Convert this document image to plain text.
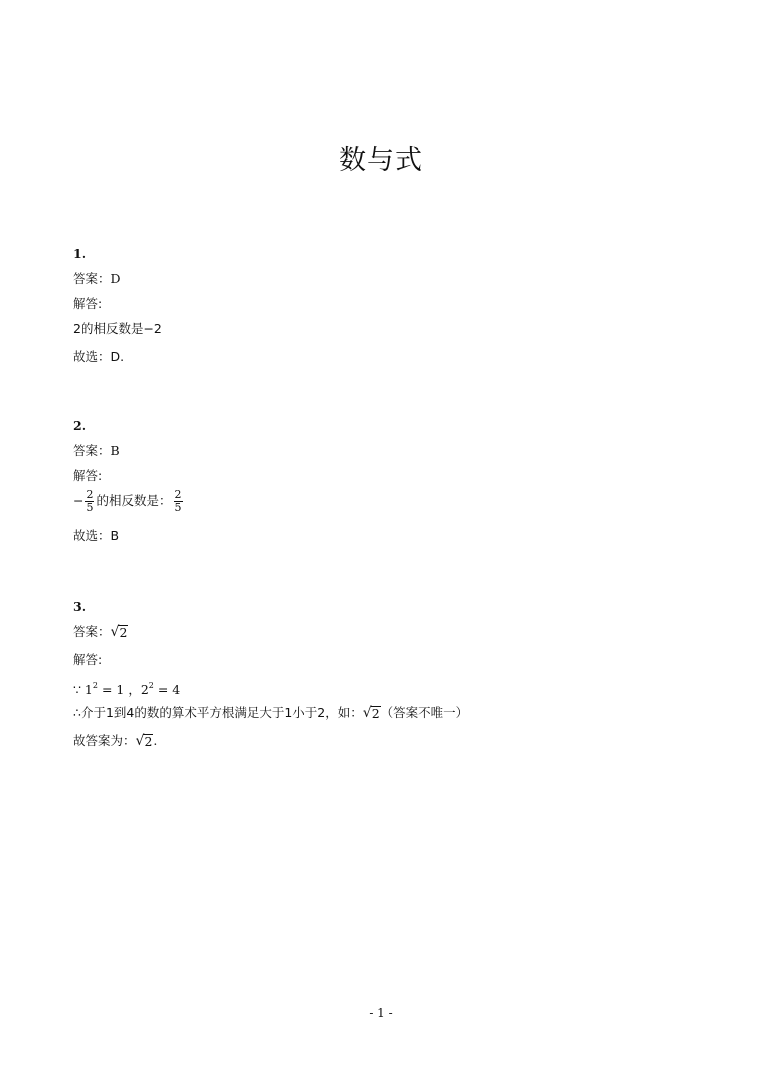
数与式
1.
答案：D
解答:
2的相反数是−2
故选：D.
2.
答案：B
解答:
− $\frac{2}{5}$ 的相反数是： $\frac{2}{5}$
故选：B
3.
答案： √ 2
解答:
∵ $1^2 = 1$ ，$2^2 = 4$
∴介于1到4的数的算术平方根满足大于1小于2，如： √ 2 （答案不唯一）
故答案为： √ 2 .
- 1 -
